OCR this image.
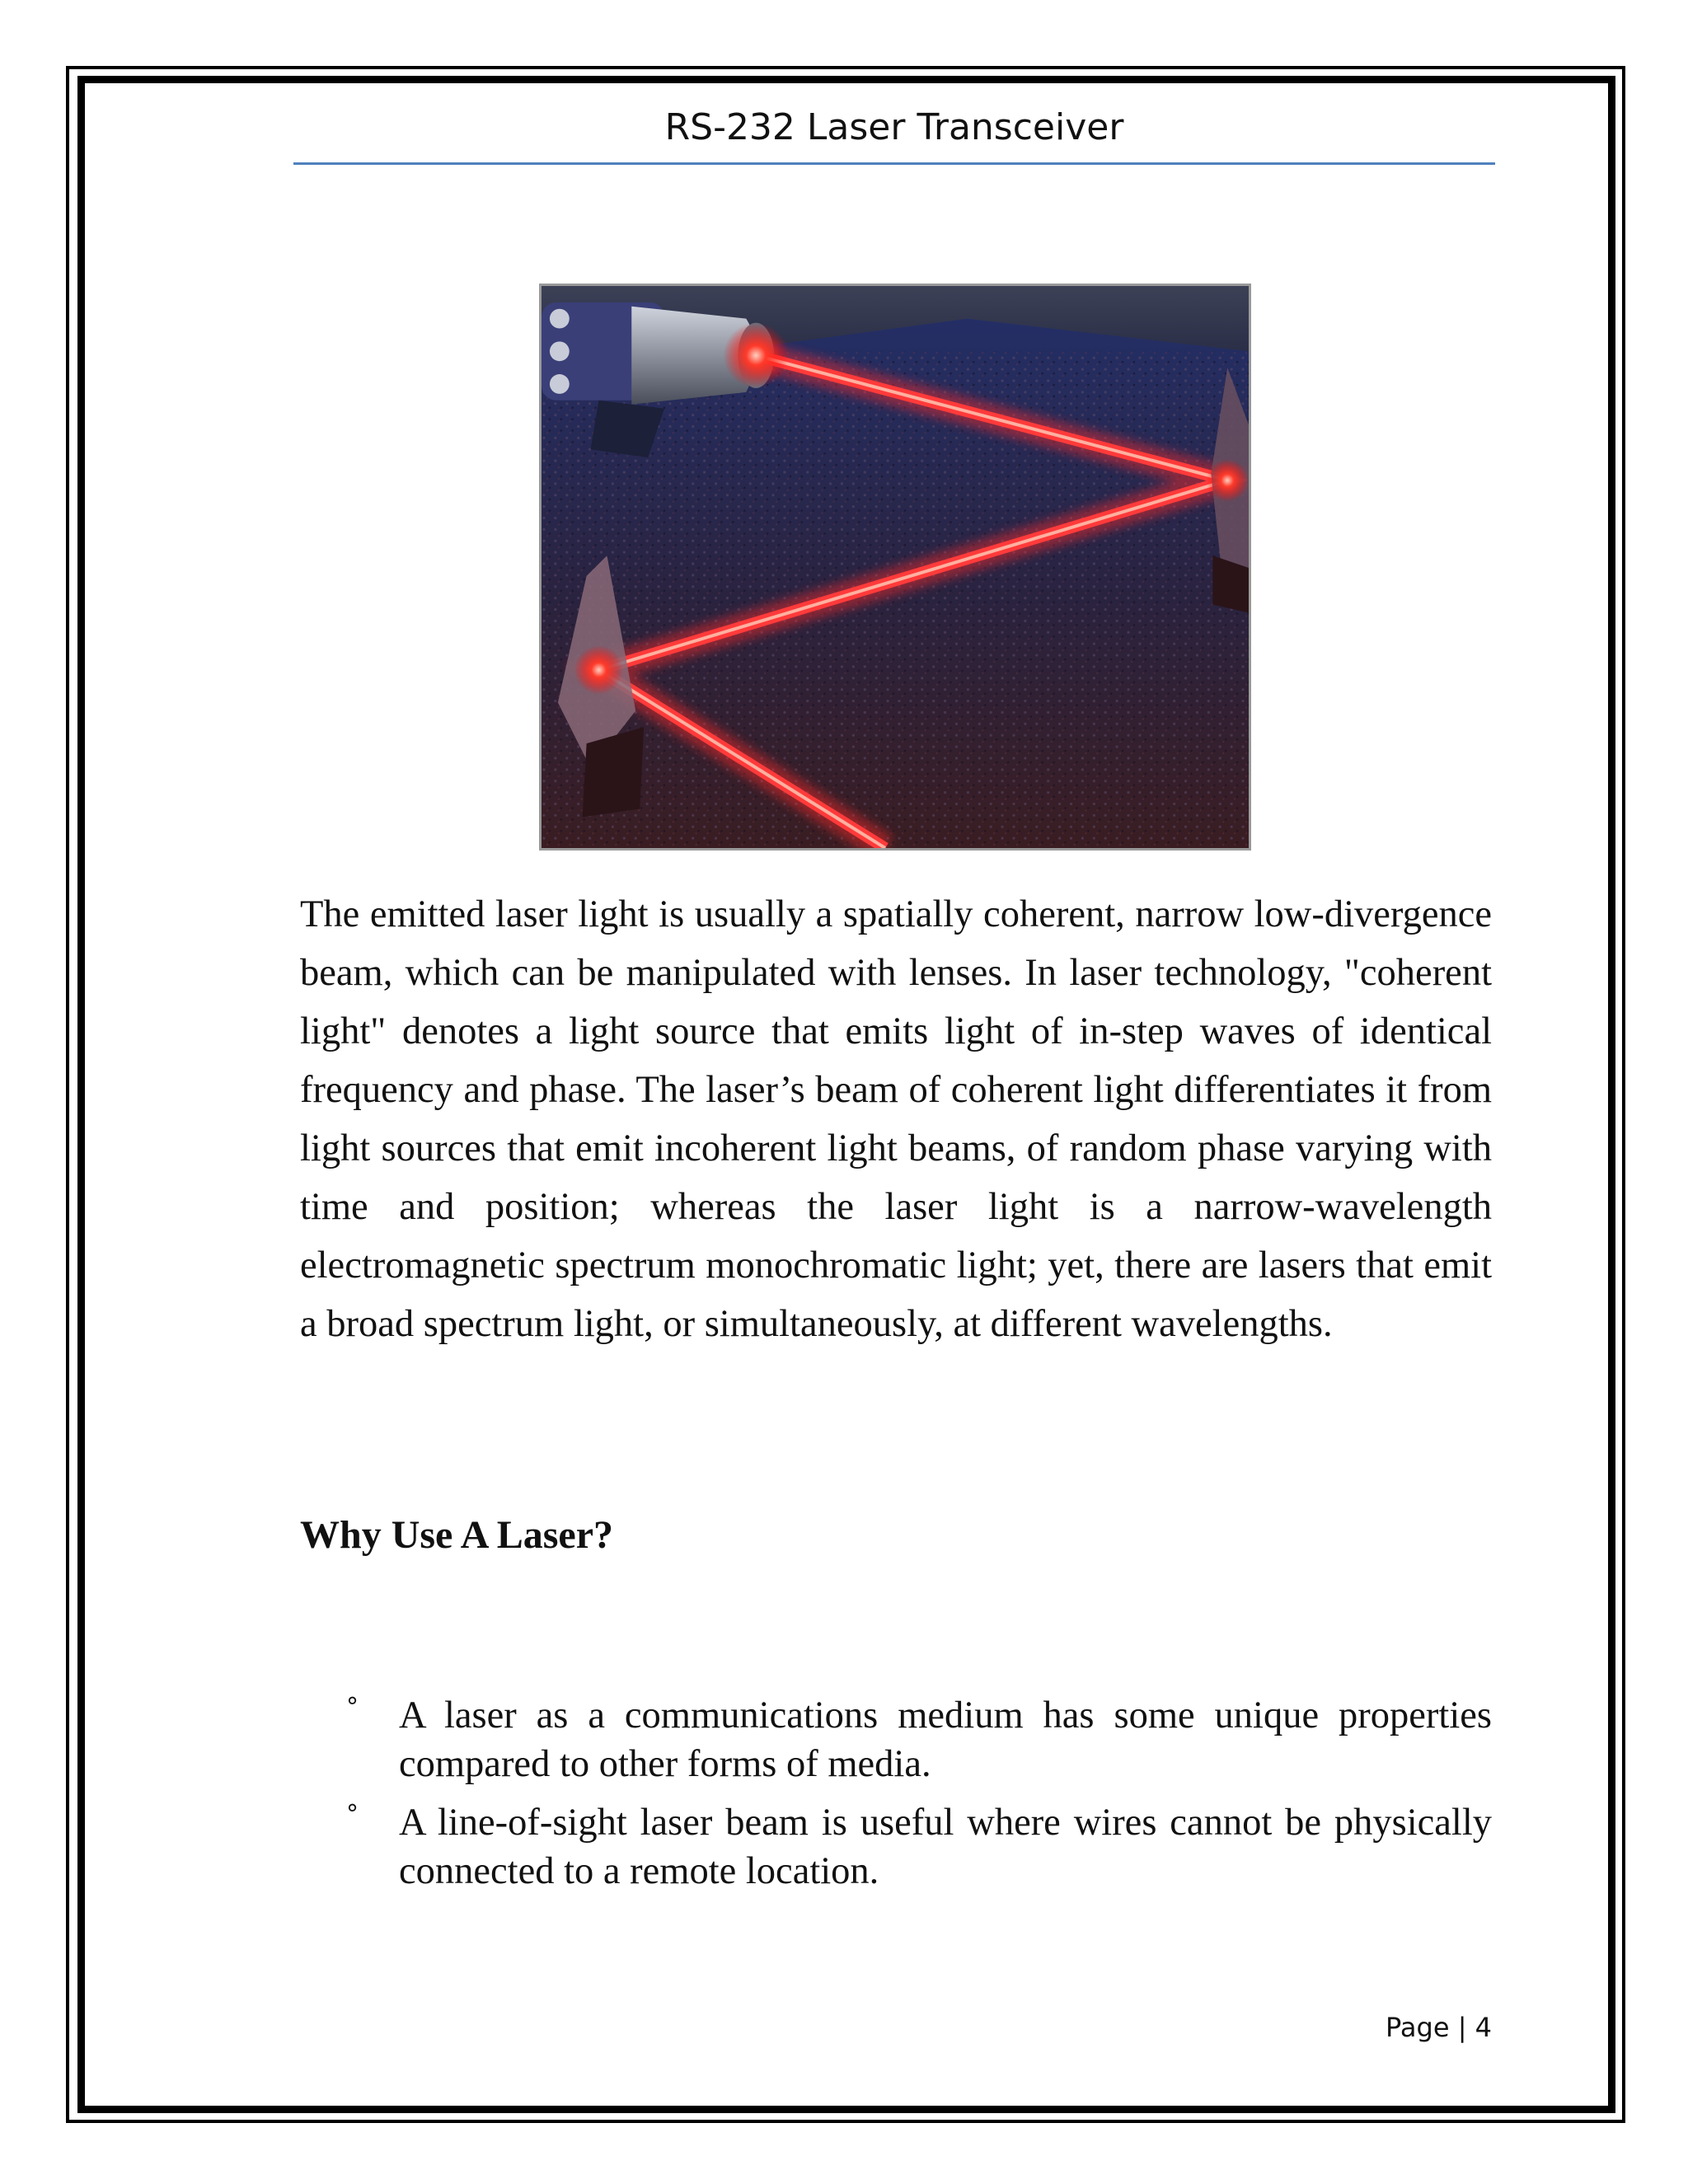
RS-232 Laser Transceiver

The emitted laser light is usually a spatially coherent, narrow low-divergence beam, which can be manipulated with lenses. In laser technology, "coherent light" denotes a light source that emits light of in-step waves of identical frequency and phase. The laser’s beam of coherent light differentiates it from light sources that emit incoherent light beams, of random phase varying with time and position; whereas the laser light is a narrow-wavelength electromagnetic spectrum monochromatic light; yet, there are lasers that emit a broad spectrum light, or simultaneously, at different wavelengths.

Why Use A Laser?
° A laser as a communications medium has some unique properties compared to other forms of media.
° A line-of-sight laser beam is useful where wires cannot be physically connected to a remote location.
Page | 4
